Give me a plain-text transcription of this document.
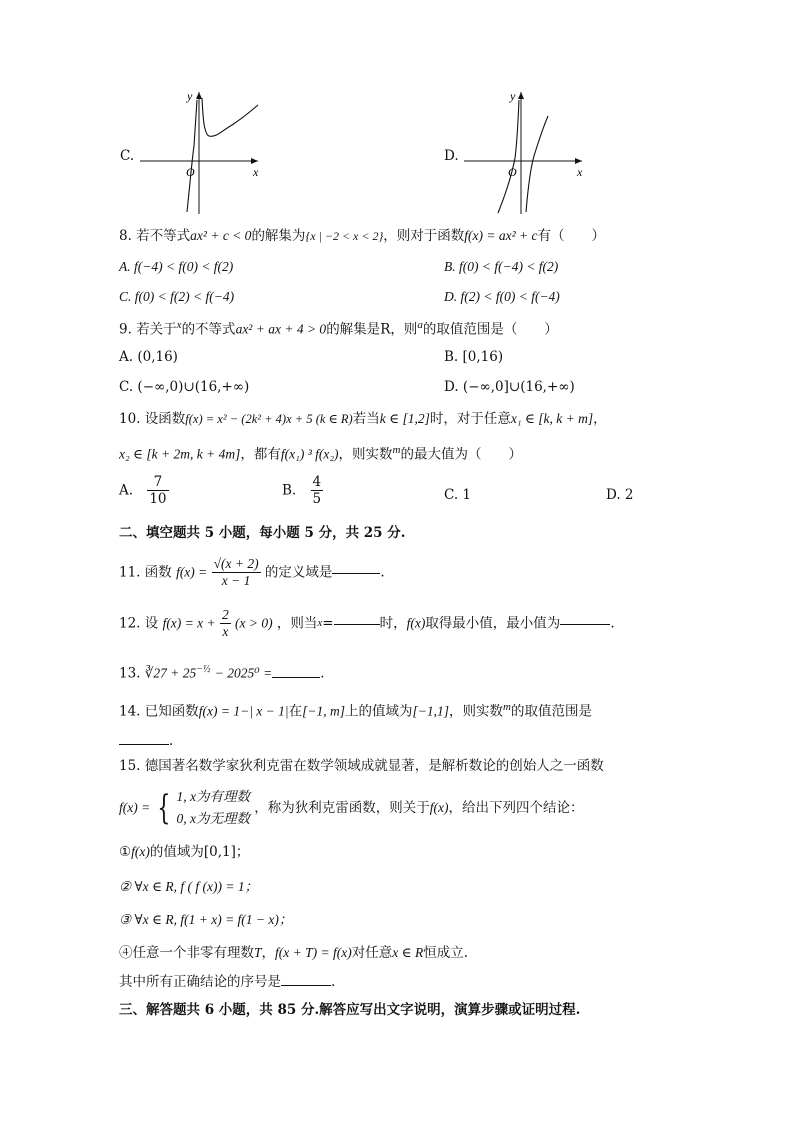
C.
y
x
O
D.
y
x
O
8. 若不等式ax² + c < 0的解集为{x | −2 < x < 2}，则对于函数f(x) = ax² + c有（　　）
A. f(−4) < f(0) < f(2)	B. f(0) < f(−4) < f(2)
C. f(0) < f(2) < f(−4)	D. f(2) < f(0) < f(−4)
9. 若关于$^x$的不等式ax² + ax + 4 > 0的解集是R，则$^a$的取值范围是（　　）
A. (0,16)	B. [0,16)
C. (−∞,0)∪(16,+∞)	D. (−∞,0]∪(16,+∞)
10. 设函数f(x) = x² − (2k² + 4)x + 5 (k ∈ R)若当k ∈ [1,2]时，对于任意x₁ ∈ [k, k + m]，
x₂ ∈ [k + 2m, k + 4m]，都有f(x₁) ³ f(x₂)，则实数$^m$的最大值为（　　）
A. $\frac{7}{10}$	B. $\frac{4}{5}$	C. 1	D. 2
二、填空题共 5 小题，每小题 5 分，共 25 分.
11. 函数 $f(x) = \frac{√(x + 2)}{x - 1}$ 的定义域是	.
12. 设 $f(x) = x + \frac{2}{x} (x > 0)$ ，则当x=	时，f(x)取得最小值，最小值为	.
13. ∛27 + $25^{-\frac{1}{2}} - 2025^0$ =	.
14. 已知函数f(x) = 1−| x − 1|在[−1, m]上的值域为[−1,1]，则实数$^m$的取值范围是
.
15. 德国著名数学家狄利克雷在数学领域成就显著，是解析数论的创始人之一函数
f(x) = { 1, x为有理数
0, x为无理数
，称为狄利克雷函数，则关于f(x)，给出下列四个结论：
①f(x)的值域为[0,1]；
② ∀x ∈ R, f ( f (x)) = 1；
③ ∀x ∈ R, f(1 + x) = f(1 − x)；
④任意一个非零有理数T，f(x + T) = f(x)对任意x ∈ R恒成立.
其中所有正确结论的序号是	.
三、解答题共 6 小题，共 85 分.解答应写出文字说明，演算步骤或证明过程.
